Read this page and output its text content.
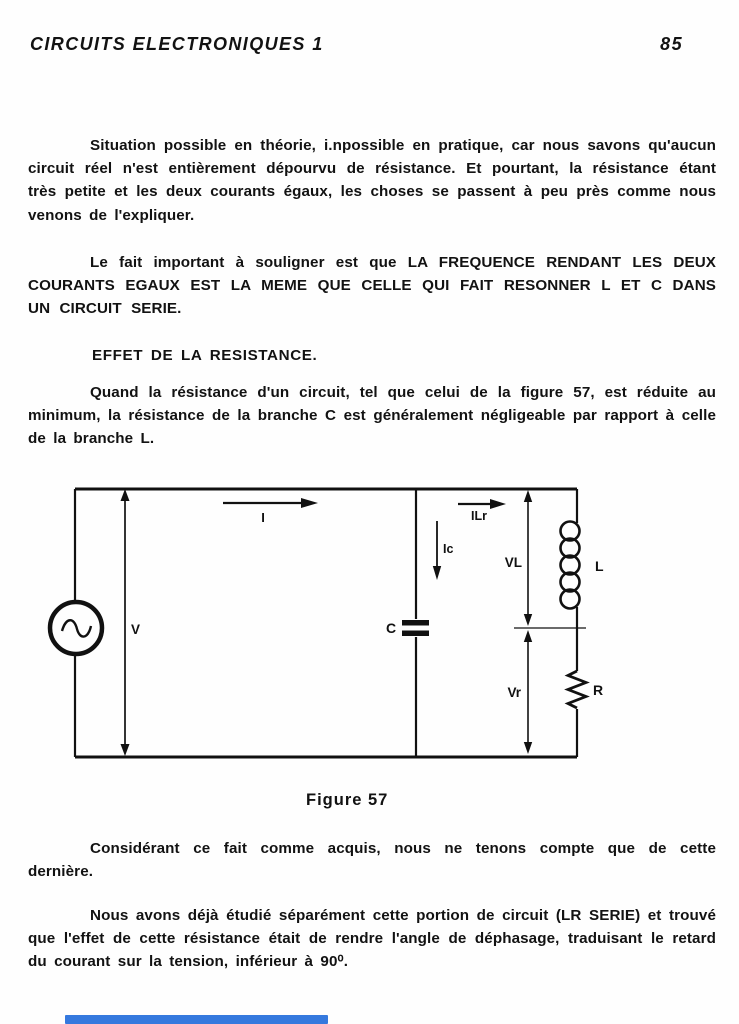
CIRCUITS ELECTRONIQUES 1	85

Situation possible en théorie, i.npossible en pratique, car nous savons qu'aucun circuit réel n'est entièrement dépourvu de résistance. Et pourtant, la résistance étant très petite et les deux courants égaux, les choses se passent à peu près comme nous venons de l'expliquer.

Le fait important à souligner est que LA FREQUENCE RENDANT LES DEUX COURANTS EGAUX EST LA MEME QUE CELLE QUI FAIT RESONNER L ET C DANS UN CIRCUIT SERIE.

EFFET DE LA RESISTANCE.

Quand la résistance d'un circuit, tel que celui de la figure 57, est réduite au minimum, la résistance de la branche C est généralement négligeable par rapport à celle de la branche L.

V
I
C
Ic
ILr
VL
Vr
L
R
Figure 57

Considérant ce fait comme acquis, nous ne tenons compte que de cette dernière.

Nous avons déjà étudié séparément cette portion de circuit (LR SERIE) et trouvé que l'effet de cette résistance était de rendre l'angle de déphasage, traduisant le retard du courant sur la tension, inférieur à 90⁰.
